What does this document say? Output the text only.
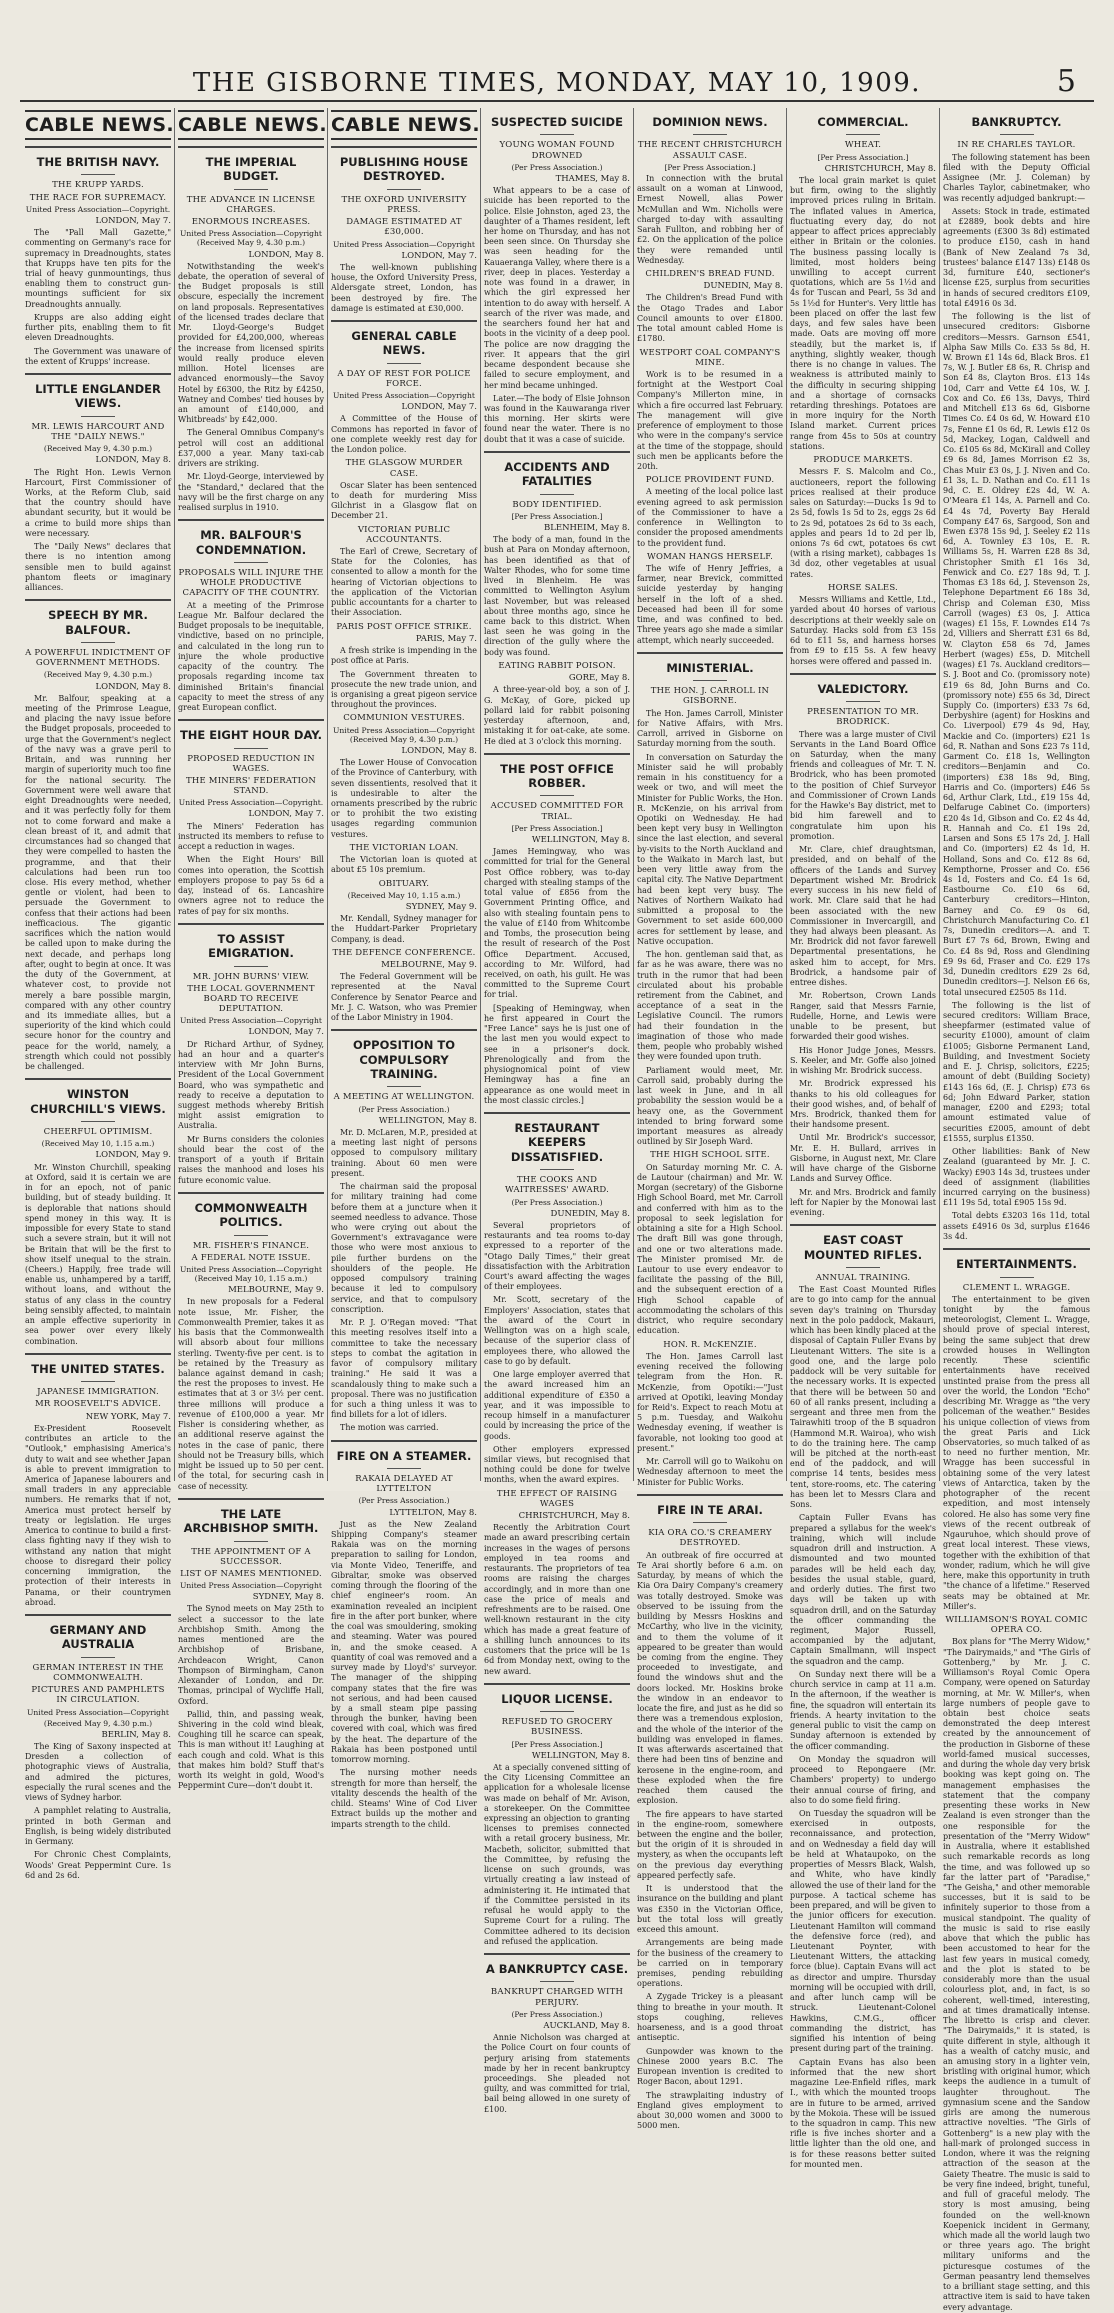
THE GISBORNE TIMES, MONDAY, MAY 10, 1909.	5
CABLE NEWS.
THE BRITISH NAVY.
THE KRUPP YARDS.
THE RACE FOR SUPREMACY.
United Press Association—Copyright.
LONDON, May 7.
The "Pall Mall Gazette," commenting on Germany's race for supremacy in Dreadnoughts, states that Krupps have ten pits for the trial of heavy gunmountings, thus enabling them to construct gun-mountings sufficient for six Dreadnoughts annually.
Krupps are also adding eight further pits, enabling them to fit eleven Dreadnoughts.
The Government was unaware of the extent of Krupps' increase.
LITTLE ENGLANDER VIEWS.
MR. LEWIS HARCOURT AND THE "DAILY NEWS."
(Received May 9, 4.30 p.m.)
LONDON, May 8.
The Right Hon. Lewis Vernon Harcourt, First Commissioner of Works, at the Reform Club, said that the country should have abundant security, but it would be a crime to build more ships than were necessary.
The "Daily News" declares that there is no intention among sensible men to build against phantom fleets or imaginary alliances.
SPEECH BY MR. BALFOUR.
A POWERFUL INDICTMENT OF GOVERNMENT METHODS.
(Received May 9, 4.30 p.m.)
LONDON, May 8.
Mr. Balfour, speaking at a meeting of the Primrose League, and placing the navy issue before the Budget proposals, proceeded to urge that the Government's neglect of the navy was a grave peril to Britain, and was running her margin of superiority much too fine for the national security. The Government were well aware that eight Dreadnoughts were needed, and it was perfectly folly for them not to come forward and make a clean breast of it, and admit that circumstances had so changed that they were compelled to hasten the programme, and that their calculations had been run too close. His every method, whether gentle or violent, had been to persuade the Government to confess that their actions had been inefficacious. The gigantic sacrifices which the nation would be called upon to make during the next decade, and perhaps long after, ought to begin at once. It was the duty of the Government, at whatever cost, to provide not merely a bare possible margin, compared with any other country and its immediate allies, but a superiority of the kind which could secure honor for the country and peace for the world, namely, a strength which could not possibly be challenged.
WINSTON CHURCHILL'S VIEWS.
CHEERFUL OPTIMISM.
(Received May 10, 1.15 a.m.)
LONDON, May 9.
Mr. Winston Churchill, speaking at Oxford, said it is certain we are in for an epoch, not of panic building, but of steady building. It is deplorable that nations should spend money in this way. It is impossible for every State to stand such a severe strain, but it will not be Britain that will be the first to show itself unequal to the strain. (Cheers.) Happily, free trade will enable us, unhampered by a tariff, without loans, and without the status of any class in the country being sensibly affected, to maintain an ample effective superiority in sea power over every likely combination.
THE UNITED STATES.
JAPANESE IMMIGRATION.
MR ROOSEVELT'S ADVICE.
NEW YORK, May 7.
Ex-President Roosevelt contributes an article to the "Outlook," emphasising America's duty to wait and see whether Japan is able to prevent immigration to America of Japanese labourers and small traders in any appreciable numbers. He remarks that if not, America must protect herself by treaty or legislation. He urges America to continue to build a first-class fighting navy if they wish to withstand any nation that might choose to disregard their policy concerning immigration, the protection of their interests in Panama, or their countrymen abroad.
GERMANY AND AUSTRALIA
GERMAN INTEREST IN THE COMMONWEALTH.
PICTURES AND PAMPHLETS IN CIRCULATION.
United Press Association—Copyright
(Received May 9, 4.30 p.m.)
BERLIN, May 8.
The King of Saxony inspected at Dresden a collection of photographic views of Australia, and admired the pictures, especially the rural scenes and the views of Sydney harbor.
A pamphlet relating to Australia, printed in both German and English, is being widely distributed in Germany.
For Chronic Chest Complaints, Woods' Great Peppermint Cure. 1s 6d and 2s 6d.
CABLE NEWS.
THE IMPERIAL BUDGET.
THE ADVANCE IN LICENSE CHARGES.
ENORMOUS INCREASES.
United Press Association—Copyright (Received May 9, 4.30 p.m.)
LONDON, May 8.
Notwithstanding the week's debate, the operation of several of the Budget proposals is still obscure, especially the increment on land proposals. Representatives of the licensed trades declare that Mr. Lloyd-George's Budget provided for £4,200,000, whereas the increase from licensed spirits would really produce eleven million. Hotel licenses are advanced enormously—the Savoy Hotel by £6300, the Ritz by £4250, Watney and Combes' tied houses by an amount of £140,000, and Whitbreads' by £42,000.
The General Omnibus Company's petrol will cost an additional £37,000 a year. Many taxi-cab drivers are striking.
Mr. Lloyd-George, interviewed by the "Standard," declared that the navy will be the first charge on any realised surplus in 1910.
MR. BALFOUR'S CONDEMNATION.
PROPOSALS WILL INJURE THE WHOLE PRODUCTIVE CAPACITY OF THE COUNTRY.
At a meeting of the Primrose League Mr. Balfour declared the Budget proposals to be inequitable, vindictive, based on no principle, and calculated in the long run to injure the whole productive capacity of the country. The proposals regarding income tax diminished Britain's financial capacity to meet the stress of any great European conflict.
THE EIGHT HOUR DAY.
PROPOSED REDUCTION IN WAGES.
THE MINERS' FEDERATION STAND.
United Press Association—Copyright.
LONDON, May 7.
The Miners' Federation has instructed its members to refuse to accept a reduction in wages.
When the Eight Hours' Bill comes into operation, the Scottish employers propose to pay 5s 6d a day, instead of 6s. Lancashire owners agree not to reduce the rates of pay for six months.
TO ASSIST EMIGRATION.
MR. JOHN BURNS' VIEW.
THE LOCAL GOVERNMENT BOARD TO RECEIVE DEPUTATION.
United Press Association—Copyright
LONDON, May 7.
Dr Richard Arthur, of Sydney, had an hour and a quarter's interview with Mr John Burns, President of the Local Government Board, who was sympathetic and ready to receive a deputation to suggest methods whereby British might assist emigration to Australia.
Mr Burns considers the colonies should bear the cost of the transport of a youth if Britain raises the manhood and loses his future economic value.
COMMONWEALTH POLITICS.
MR. FISHER'S FINANCE.
A FEDERAL NOTE ISSUE.
United Press Association—Copyright (Received May 10, 1.15 a.m.)
MELBOURNE, May 9.
In new proposals for a Federal note issue, Mr. Fisher, the Commonwealth Premier, takes it as his basis that the Commonwealth will absorb about four millions sterling. Twenty-five per cent. is to be retained by the Treasury as balance against demand in cash; the rest the proposes to invest. He estimates that at 3 or 3½ per cent. three millions will produce a revenue of £100,000 a year. Mr Fisher is considering whether, as an additional reserve against the notes in the case of panic, there should not be Treasury bills, which might be issued up to 50 per cent. of the total, for securing cash in case of necessity.
THE LATE ARCHBISHOP SMITH.
THE APPOINTMENT OF A SUCCESSOR.
LIST OF NAMES MENTIONED.
United Press Association—Copyright
SYDNEY, May 8.
The Synod meets on May 25th to select a successor to the late Archbishop Smith. Among the names mentioned are the Archbishop of Brisbane, Archdeacon Wright, Canon Thompson of Birmingham, Canon Alexander of London, and Dr. Thomas, principal of Wycliffe Hall, Oxford.
Pallid, thin, and passing weak, Shivering in the cold wind bleak, Coughing till he scarce can speak, This is man without it! Laughing at each cough and cold. What is this that makes him bold? Stuff that's worth its weight in gold, Wood's Peppermint Cure—don't doubt it.
CABLE NEWS.
PUBLISHING HOUSE DESTROYED.
THE OXFORD UNIVERSITY PRESS.
DAMAGE ESTIMATED AT £30,000.
United Press Association—Copyright
LONDON, May 7.
The well-known publishing house, the Oxford University Press, Aldersgate street, London, has been destroyed by fire. The damage is estimated at £30,000.
GENERAL CABLE NEWS.
A DAY OF REST FOR POLICE FORCE.
United Press Association—Copyright
LONDON, May 7.
A Committee of the House of Commons has reported in favor of one complete weekly rest day for the London police.
THE GLASGOW MURDER CASE.
Oscar Slater has been sentenced to death for murdering Miss Gilchrist in a Glasgow flat on December 21.
VICTORIAN PUBLIC ACCOUNTANTS.
The Earl of Crewe, Secretary of State for the Colonies, has consented to allow a month for the hearing of Victorian objections to the application of the Victorian public accountants for a charter to their Association.
PARIS POST OFFICE STRIKE.
PARIS, May 7.
A fresh strike is impending in the post office at Paris.
The Government threaten to prosecute the new trade union, and is organising a great pigeon service throughout the provinces.
COMMUNION VESTURES.
United Press Association—Copyright (Received May 9, 4.30 p.m.)
LONDON, May 8.
The Lower House of Convocation of the Province of Canterbury, with seven dissentients, resolved that it is undesirable to alter the ornaments prescribed by the rubric or to prohibit the two existing usages regarding communion vestures.
THE VICTORIAN LOAN.
The Victorian loan is quoted at about £5 10s premium.
OBITUARY.
(Received May 10, 1.15 a.m.)
SYDNEY, May 9.
Mr. Kendall, Sydney manager for the Huddart-Parker Proprietary Company, is dead.
THE DEFENCE CONFERENCE.
MELBOURNE, May 9.
The Federal Government will be represented at the Naval Conference by Senator Pearce and Mr. J. C. Watson, who was Premier of the Labor Ministry in 1904.
OPPOSITION TO COMPULSORY TRAINING.
A MEETING AT WELLINGTON.
(Per Press Association.)
WELLINGTON, May 8.
Mr. D. McLaren, M.P., presided at a meeting last night of persons opposed to compulsory military training. About 60 men were present.
The chairman said the proposal for military training had come before them at a juncture when it seemed needless to advance. Those who were crying out about the Government's extravagance were those who were most anxious to pile further burdens on the shoulders of the people. He opposed compulsory training because it led to compulsory service, and that to compulsory conscription.
Mr. P. J. O'Regan moved: "That this meeting resolves itself into a committee to take the necessary steps to combat the agitation in favor of compulsory military training." He said it was a scandalously thing to make such a proposal. There was no justification for such a thing unless it was to find billets for a lot of idlers.
The motion was carried.
FIRE ON A STEAMER.
RAKAIA DELAYED AT LYTTELTON
(Per Press Association.)
LYTTELTON, May 8.
Just as the New Zealand Shipping Company's steamer Rakaia was on the morning preparation to sailing for London, via Monte Video, Teneriffe, and Gibraltar, smoke was observed coming through the flooring of the chief engineer's room. An examination revealed an incipient fire in the after port bunker, where the coal was smouldering, smoking and steaming. Water was poured in, and the smoke ceased. A quantity of coal was removed and a survey made by Lloyd's' surveyor. The manager of the shipping company states that the fire was not serious, and had been caused by a small steam pipe passing through the bunker, having been covered with coal, which was fired by the heat. The departure of the Rakaia has been postponed until tomorrow morning.
The nursing mother needs strength for more than herself, the vitality descends the health of the child. Steams' Wine of Cod Liver Extract builds up the mother and imparts strength to the child.
SUSPECTED SUICIDE
YOUNG WOMAN FOUND DROWNED
(Per Press Association.)
THAMES, May 8.
What appears to be a case of suicide has been reported to the police. Elsie Johnston, aged 23, the daughter of a Thames resident, left her home on Thursday, and has not been seen since. On Thursday she was seen heading for the Kauaeranga Valley, where there is a river, deep in places. Yesterday a note was found in a drawer, in which the girl expressed her intention to do away with herself. A search of the river was made, and the searchers found her hat and boots in the vicinity of a deep pool. The police are now dragging the river. It appears that the girl became despondent because she failed to secure employment, and her mind became unhinged.
Later.—The body of Elsie Johnson was found in the Kauwaranga river this morning. Her skirts were found near the water. There is no doubt that it was a case of suicide.
ACCIDENTS AND FATALITIES
BODY IDENTIFIED.
[Per Press Association.]
BLENHEIM, May 8.
The body of a man, found in the bush at Para on Monday afternoon, has been identified as that of Walter Rhodes, who for some time lived in Blenheim. He was committed to Wellington Asylum last November, but was released about three months ago, since he came back to this district. When last seen he was going in the direction of the gully where the body was found.
EATING RABBIT POISON.
GORE, May 8.
A three-year-old boy, a son of J. G. McKay, of Gore, picked up pollard laid for rabbit poisoning yesterday afternoon, and, mistaking it for oat-cake, ate some. He died at 3 o'clock this morning.
THE POST OFFICE ROBBER.
ACCUSED COMMITTED FOR TRIAL.
[Per Press Association.]
WELLINGTON, May 8.
James Hemingway, who was committed for trial for the General Post Office robbery, was to-day charged with stealing stamps of the total value of £856 from the Government Printing Office, and also with stealing fountain pens to the value of £140 from Whitcombe and Tombs, the prosecution being the result of research of the Post Office Department. Accused, according to Mr. Wilford, had received, on oath, his guilt. He was committed to the Supreme Court for trial.
[Speaking of Hemingway, when he first appeared in Court the "Free Lance" says he is just one of the last men you would expect to see in a prisoner's dock. Phrenologically and from the physiognomical point of view Hemingway has a fine an appearance as one would meet in the most classic circles.]
RESTAURANT KEEPERS DISSATISFIED.
THE COOKS AND WAITRESSES' AWARD.
(Per Press Association.)
DUNEDIN, May 8.
Several proprietors of restaurants and tea rooms to-day expressed to a reporter of the "Otago Daily Times," their great dissatisfaction with the Arbitration Court's award affecting the wages of their employees.
Mr. Scott, secretary of the Employers' Association, states that the award of the Court in Wellington was on a high scale, because of the superior class of employees there, who allowed the case to go by default.
One large employer averred that the award increased him an additional expenditure of £350 a year, and it was impossible to recoup himself in a manufacturer could by increasing the price of the goods.
Other employers expressed similar views, but recognised that nothing could be done for twelve months, when the award expires.
THE EFFECT OF RAISING WAGES
CHRISTCHURCH, May 8.
Recently the Arbitration Court made an award prescribing certain increases in the wages of persons employed in tea rooms and restaurants. The proprietors of tea rooms are raising the charges accordingly, and in more than one case the price of meals and refreshments are to be raised. One well-known restaurant in the city which has made a great feature of a shilling lunch announces to its customers that the price will be 1s 6d from Monday next, owing to the new award.
LIQUOR LICENSE.
REFUSED TO GROCERY BUSINESS.
[Per Press Association.]
WELLINGTON, May 8.
At a specially convened sitting of the City Licensing Committee an application for a wholesale license was made on behalf of Mr. Avison, a storekeeper. On the Committee expressing an objection to granting licenses to premises connected with a retail grocery business, Mr. Macbeth, solicitor, submitted that the Committee, by refusing the license on such grounds, was virtually creating a law instead of administering it. He intimated that if the Committee persisted in its refusal he would apply to the Supreme Court for a ruling. The Committee adhered to its decision and refused the application.
A BANKRUPTCY CASE.
BANKRUPT CHARGED WITH PERJURY.
(Per Press Association.)
AUCKLAND, May 8.
Annie Nicholson was charged at the Police Court on four counts of perjury arising from statements made by her in recent bankruptcy proceedings. She pleaded not guilty, and was committed for trial, bail being allowed in one surety of £100.
DOMINION NEWS.
THE RECENT CHRISTCHURCH ASSAULT CASE.
[Per Press Association.]
In connection with the brutal assault on a woman at Linwood, Ernest Nowell, alias Power McMullan and Wm. Nicholls were charged to-day with assaulting Sarah Fullton, and robbing her of £2. On the application of the police they were remanded until Wednesday.
CHILDREN'S BREAD FUND.
DUNEDIN, May 8.
The Children's Bread Fund with the Otago Trades and Labor Council amounts to over £1800. The total amount cabled Home is £1780.
WESTPORT COAL COMPANY'S MINE.
Work is to be resumed in a fortnight at the Westport Coal Company's Millerton mine, in which a fire occurred last February. The management will give preference of employment to those who were in the company's service at the time of the stoppage, should such men be applicants before the 20th.
POLICE PROVIDENT FUND.
A meeting of the local police last evening agreed to ask permission of the Commissioner to have a conference in Wellington to consider the proposed amendments to the provident fund.
WOMAN HANGS HERSELF.
The wife of Henry Jeffries, a farmer, near Brevick, committed suicide yesterday by hanging herself in the loft of a shed. Deceased had been ill for some time, and was confined to bed. Three years ago she made a similar attempt, which nearly succeeded.
MINISTERIAL.
THE HON. J. CARROLL IN GISBORNE.
The Hon. James Carroll, Minister for Native Affairs, with Mrs. Carroll, arrived in Gisborne on Saturday morning from the south.
In conversation on Saturday the Minister said he will probably remain in his constituency for a week or two, and will meet the Minister for Public Works, the Hon. R. McKenzie, on his arrival from Opotiki on Wednesday. He had been kept very busy in Wellington since the last election, and several by-visits to the North Auckland and to the Waikato in March last, but been very little away from the capital city. The Native Department had been kept very busy. The Natives of Northern Waikato had submitted a proposal to the Government to set aside 600,000 acres for settlement by lease, and Native occupation.
The hon. gentleman said that, as far as he was aware, there was no truth in the rumor that had been circulated about his probable retirement from the Cabinet, and acceptance of a seat in the Legislative Council. The rumors had their foundation in the imagination of those who made them, people who probably wished they were founded upon truth.
Parliament would meet, Mr. Carroll said, probably during the last week in June, and in all probability the session would be a heavy one, as the Government intended to bring forward some important measures as already outlined by Sir Joseph Ward.
THE HIGH SCHOOL SITE.
On Saturday morning Mr. C. A. de Lautour (chairman) and Mr. W. Morgan (secretary) of the Gisborne High School Board, met Mr. Carroll and conferred with him as to the proposal to seek legislation for obtaining a site for a High School. The draft Bill was gone through, and one or two alterations made. The Minister promised Mr. de Lautour to use every endeavor to facilitate the passing of the Bill, and the subsequent erection of a High School capable of accommodating the scholars of this district, who require secondary education.
HON. R. McKENZIE.
The Hon. James Carroll last evening received the following telegram from the Hon. R. McKenzie, from Opotiki:—"Just arrived at Opotiki, leaving Monday for Reid's. Expect to reach Motu at 5 p.m. Tuesday, and Waikohu Wednesday evening, if weather is favorable, not looking too good at present."
Mr. Carroll will go to Waikohu on Wednesday afternoon to meet the Minister for Public Works.
FIRE IN TE ARAI.
KIA ORA CO.'S CREAMERY DESTROYED.
An outbreak of fire occurred at Te Arai shortly before 6 a.m. on Saturday, by means of which the Kia Ora Dairy Company's creamery was totally destroyed. Smoke was observed to be issuing from the building by Messrs Hoskins and McCarthy, who live in the vicinity, and to them the volume of it appeared to be greater than would be coming from the engine. They proceeded to investigate, and found the windows shut and the doors locked. Mr. Hoskins broke the window in an endeavor to locate the fire, and just as he did so there was a tremendous explosion, and the whole of the interior of the building was enveloped in flames. It was afterwards ascertained that there had been tins of benzine and kerosene in the engine-room, and these exploded when the fire reached them caused the explosion.
The fire appears to have started in the engine-room, somewhere between the engine and the boiler, but the origin of it is shrouded in mystery, as when the occupants left on the previous day everything appeared perfectly safe.
It is understood that the insurance on the building and plant was £350 in the Victorian Office, but the total loss will greatly exceed this amount.
Arrangements are being made for the business of the creamery to be carried on in temporary premises, pending rebuilding operations.
A Zygade Trickey is a pleasant thing to breathe in your mouth. It stops coughing, relieves hoarseness, and is a good throat antiseptic.
Gunpowder was known to the Chinese 2000 years B.C. The European invention is credited to Roger Bacon, about 1291.
The strawplaiting industry of England gives employment to about 30,000 women and 3000 to 5000 men.
COMMERCIAL.
WHEAT.
[Per Press Association.]
CHRISTCHURCH, May 8.
The local grain market is quiet but firm, owing to the slightly improved prices ruling in Britain. The inflated values in America, fluctuating every day, do not appear to affect prices appreciably either in Britain or the colonies. The business passing locally is limited, most holders being unwilling to accept current quotations, which are 5s 1½d and 4s for Tuscan and Pearl, 5s 3d and 5s 1½d for Hunter's. Very little has been placed on offer the last few days, and few sales have been made. Oats are moving off more steadily, but the market is, if anything, slightly weaker, though there is no change in values. The weakness is attributed mainly to the difficulty in securing shipping and a shortage of cornsacks retarding threshings. Potatoes are in more inquiry for the North Island market. Current prices range from 45s to 50s at country stations.
PRODUCE MARKETS.
Messrs F. S. Malcolm and Co., auctioneers, report the following prices realised at their produce sales on Saturday:—Ducks 1s 9d to 2s 5d, fowls 1s 5d to 2s, eggs 2s 6d to 2s 9d, potatoes 2s 6d to 3s each, apples and pears 1d to 2d per lb, onions 7s 6d cwt, potatoes 6s cwt (with a rising market), cabbages 1s 3d doz, other vegetables at usual rates.
HORSE SALES.
Messrs Williams and Kettle, Ltd., yarded about 40 horses of various descriptions at their weekly sale on Saturday. Hacks sold from £3 15s 6d to £11 5s, and harness horses from £9 to £15 5s. A few heavy horses were offered and passed in.
VALEDICTORY.
PRESENTATION TO MR. BRODRICK.
There was a large muster of Civil Servants in the Land Board Office on Saturday, when the many friends and colleagues of Mr. T. N. Brodrick, who has been promoted to the position of Chief Surveyor and Commissioner of Crown Lands for the Hawke's Bay district, met to bid him farewell and to congratulate him upon his promotion.
Mr. Clare, chief draughtsman, presided, and on behalf of the officers of the Lands and Survey Department wished Mr. Brodrick every success in his new field of work. Mr. Clare said that he had been associated with the new Commissioner in Invercargill, and they had always been pleasant. As Mr. Brodrick did not favor farewell Departmental presentations, he asked him to accept, for Mrs. Brodrick, a handsome pair of entree dishes.
Mr. Robertson, Crown Lands Ranger, said that Messrs Farnie, Rudelle, Horne, and Lewis were unable to be present, but forwarded their good wishes.
His Honor Judge Jones, Messrs. S. Keeler, and Mr. Goffe also joined in wishing Mr. Brodrick success.
Mr. Brodrick expressed his thanks to his old colleagues for their good wishes, and, of behalf of Mrs. Brodrick, thanked them for their handsome present.
Until Mr. Brodrick's successor, Mr. E. H. Bullard, arrives in Gisborne, in August next, Mr. Clare will have charge of the Gisborne Lands and Survey Office.
Mr. and Mrs. Brodrick and family left for Napier by the Monowai last evening.
EAST COAST MOUNTED RIFLES.
ANNUAL TRAINING.
The East Coast Mounted Rifles are to go into camp for the annual seven day's training on Thursday next in the polo paddock, Makauri, which has been kindly placed at the disposal of Captain Fuller Evans by Lieutenant Witters. The site is a good one, and the large polo paddock will be very suitable for the necessary works. It is expected that there will be between 50 and 60 of all ranks present, including a sergeant and three men from the Tairawhiti troop of the B squadron (Hammond M.R. Wairoa), who wish to do the training here. The camp will be pitched at the north-east end of the paddock, and will comprise 14 tents, besides mess tent, store-rooms, etc. The catering has been let to Messrs Clara and Sons.
Captain Fuller Evans has prepared a syllabus for the week's training, which will include squadron drill and instruction. A dismounted and two mounted parades will be held each day, besides the usual stable, guard, and orderly duties. The first two days will be taken up with squadron drill, and on the Saturday the officer commanding the regiment, Major Russell, accompanied by the adjutant, Captain Smallmann, will inspect the squadron and the camp.
On Sunday next there will be a church service in camp at 11 a.m. In the afternoon, if the weather is fine, the squadron will entertain its friends. A hearty invitation to the general public to visit the camp on Sunday afternoon is extended by the officer commanding.
On Monday the squadron will proceed to Repongaere (Mr. Chambers' property) to undergo their annual course of firing, and also to do some field firing.
On Tuesday the squadron will be exercised in outposts, reconnaissance, and protection, and on Wednesday a field day will be held at Whataupoko, on the properties of Messrs Black, Walsh, and White, who have kindly allowed the use of their land for the purpose. A tactical scheme has been prepared, and will be given to the junior officers for execution. Lieutenant Hamilton will command the defensive force (red), and Lieutenant Poynter, with Lieutenant Witters, the attacking force (blue). Captain Evans will act as director and umpire. Thursday morning will be occupied with drill, and after lunch camp will be struck. Lieutenant-Colonel Hawkins, C.M.G., officer commanding the district, has signified his intention of being present during part of the training.
Captain Evans has also been informed that the new short magazine Lee-Enfield rifles, mark I., with which the mounted troops are in future to be armed, arrived by the Mokoia. These will be issued to the squadron in camp. This new rifle is five inches shorter and a little lighter than the old one, and is for these reasons better suited for mounted men.
BANKRUPTCY.
IN RE CHARLES TAYLOR.
The following statement has been filed with the Deputy Official Assignee (Mr. J. Coleman) by Charles Taylor, cabinetmaker, who was recently adjudged bankrupt:—
Assets: Stock in trade, estimated at £2889, book debts and hire agreements (£300 3s 8d) estimated to produce £150, cash in hand (Bank of New Zealand 7s 3d, trustees' balance £147 13s) £148 0s 3d, furniture £40, sectioner's license £25, surplus from securities in hands of secured creditors £109, total £4916 0s 3d.
The following is the list of unsecured creditors: Gisborne creditors—Messrs. Garnson £541, Alpha Saw Mills Co. £33 5s 8d, H. W. Brown £1 14s 6d, Black Bros. £1 7s, W. J. Butler £8 6s, R. Chrisp and Son £4 8s, Clayton Bros. £13 14s 10d, Carr and Vette £4 10s, W. J. Cox and Co. £6 13s, Davys, Third and Mitchell £13 6s 6d, Gisborne Times Co. £4 0s 6d, W. Howard £10 7s, Fenne £1 0s 6d, R. Lewis £12 0s 5d, Mackey, Logan, Caldwell and Co. £105 6s 8d, McKirall and Colley £9 6s 8d, James Morrison £2 3s, Chas Muir £3 0s, J. J. Niven and Co. £1 3s, L. D. Nathan and Co. £11 1s 9d, C. E. Oldrey £2s 4d, W. A. O'Meara £1 14s, A. Parnell and Co. £4 4s 7d, Poverty Bay Herald Company £47 6s, Sargood, Son and Ewen £378 15s 9d, J. Seeley £2 11s 6d, A. Townley £3 10s, E. R. Williams 5s, H. Warren £28 8s 3d, Christopher Smith £1 16s 3d, Fenwick and Co. £27 18s 9d, T. J. Thomas £3 18s 6d, J. Stevenson 2s, Telephone Department £6 18s 3d, Chrisp and Coleman £30, Miss Carroll (wages) £3 0s, J. Attica (wages) £1 15s, F. Lowndes £14 7s 2d, Villiers and Sherratt £31 6s 8d, W. Clayton £58 6s 7d, James Herbert (wages) £5s, D. Mitchell (wages) £1 7s. Auckland creditors—S. J. Boot and Co. (promissory note) £19 6s 8d, John Burns and Co. (promissory note) £55 6s 3d, Direct Supply Co. (importers) £33 7s 6d, Derbyshire (agent) for Hoskins and Co. Liverpool) £79 4s 9d, Hay, Mackie and Co. (importers) £21 1s 6d, R. Nathan and Sons £23 7s 11d, Garment Co. £18 1s, Wellington creditors—Benjamin and Co. (importers) £38 18s 9d, Bing, Harris and Co. (importers) £46 5s 6d, Arthur Clark, Ltd., £19 15s 4d, Delfaruge Cabinet Co. (importers) £20 4s 1d, Gibson and Co. £2 4s 4d, R. Hannah and Co. £1 19s 2d, Larsen and Sons £5 17s 2d, J. Hall and Co. (importers) £2 4s 1d, H. Holland, Sons and Co. £12 8s 6d, Kempthorne, Prosser and Co. £56 4s 1d, Fosters and Co. £4 1s 6d, Eastbourne Co. £10 6s 6d, Canterbury creditors—Hinton, Barney and Co. £9 0s 6d, Christchurch Manufacturing Co. £1 7s, Dunedin creditors—A. and T. Burt £7 7s 6d, Brown, Ewing and Co. £4 8s 9d, Ross and Glendining £9 9s 6d, Fraser and Co. £29 17s 3d, Dunedin creditors £29 2s 6d, Dunedin creditors—J. Nelson £6 6s, total unsecured £2505 8s 11d.
The following is the list of secured creditors: William Brace, sheepfarmer (estimated value of security £1000), amount of claim £1005; Gisborne Permanent Land, Building, and Investment Society and E. J. Chrisp, solicitors, £225; amount of debt (Building Society) £143 16s 6d, (E. J. Chrisp) £73 6s 6d; John Edward Parker, station manager, £200 and £293; total amount estimated value of securities £2005, amount of debt £1555, surplus £1350.
Other liabilities: Bank of New Zealand (guaranteed by Mr. J. C. Wacky) £903 14s 3d, trustees under deed of assignment (liabilities incurred carrying on the business) £11 19s 5d, total £905 15s 9d.
Total debts £3203 16s 11d, total assets £4916 0s 3d, surplus £1646 3s 4d.
ENTERTAINMENTS.
CLEMENT L. WRAGGE.
The entertainment to be given tonight by the famous meteorologist, Clement L. Wragge, should prove of special interest, being the same subject that drew crowded houses in Wellington recently. These scientific entertainments have received unstinted praise from the press all over the world, the London "Echo" describing Mr. Wragge as "the very policeman of the weather." Besides his unique collection of views from the great Paris and Lick Observatories, so much talked of as to need no further mention, Mr. Wragge has been successful in obtaining some of the very latest views of Antarctica, taken by the photographer of the recent expedition, and most intensely colored. He also has some very fine views of the recent outbreak of Ngauruhoe, which should prove of great local interest. These views, together with the exhibition of that wonder, radium, which he will give here, make this opportunity in truth "the chance of a lifetime." Reserved seats may be obtained at Mr. Miller's.
WILLIAMSON'S ROYAL COMIC OPERA CO.
Box plans for "The Merry Widow," "The Dairymaids," and "The Girls of Gottenberg," by Mr. J. C. Williamson's Royal Comic Opera Company, were opened on Saturday morning, at Mr. W. Miller's, when large numbers of people gave to obtain best choice seats demonstrated the deep interest created by the announcement of the production in Gisborne of these world-famed musical successes, and during the whole day very brisk booking was kept going on. The management emphasises the statement that the company presenting these works in New Zealand is even stronger than the one responsible for the presentation of the "Merry Widow" in Australia, where it established such remarkable records as long the time, and was followed up so far the latter part of "Paradise," "The Geisha," and other memorable successes, but it is said to be infinitely superior to those from a musical standpoint. The quality of the music is said to rise easily above that which the public has been accustomed to hear for the last few years in musical comedy, and the plot is stated to be considerably more than the usual colourless plot, and, in fact, is so coherent, well-timed, interesting, and at times dramatically intense. The libretto is crisp and clever. "The Dairymaids," it is stated, is quite different in style, although it has a wealth of catchy music, and an amusing story in a lighter vein, bristling with original humor, which keeps the audience in a tumult of laughter throughout. The gymnasium scene and the Sandow girls are among the numerous attractive novelties. "The Girls of Gottenberg" is a new play with the hall-mark of prolonged success in London, where it was the reigning attraction of the season at the Gaiety Theatre. The music is said to be very fine indeed, bright, tuneful, and full of graceful melody. The story is most amusing, being founded on the well-known Koepenick incident in Germany, which made all the world laugh two or three years ago. The bright military uniforms and the picturesque costumes of the German peasantry lend themselves to a brilliant stage setting, and this attractive item is said to have taken every advantage.
